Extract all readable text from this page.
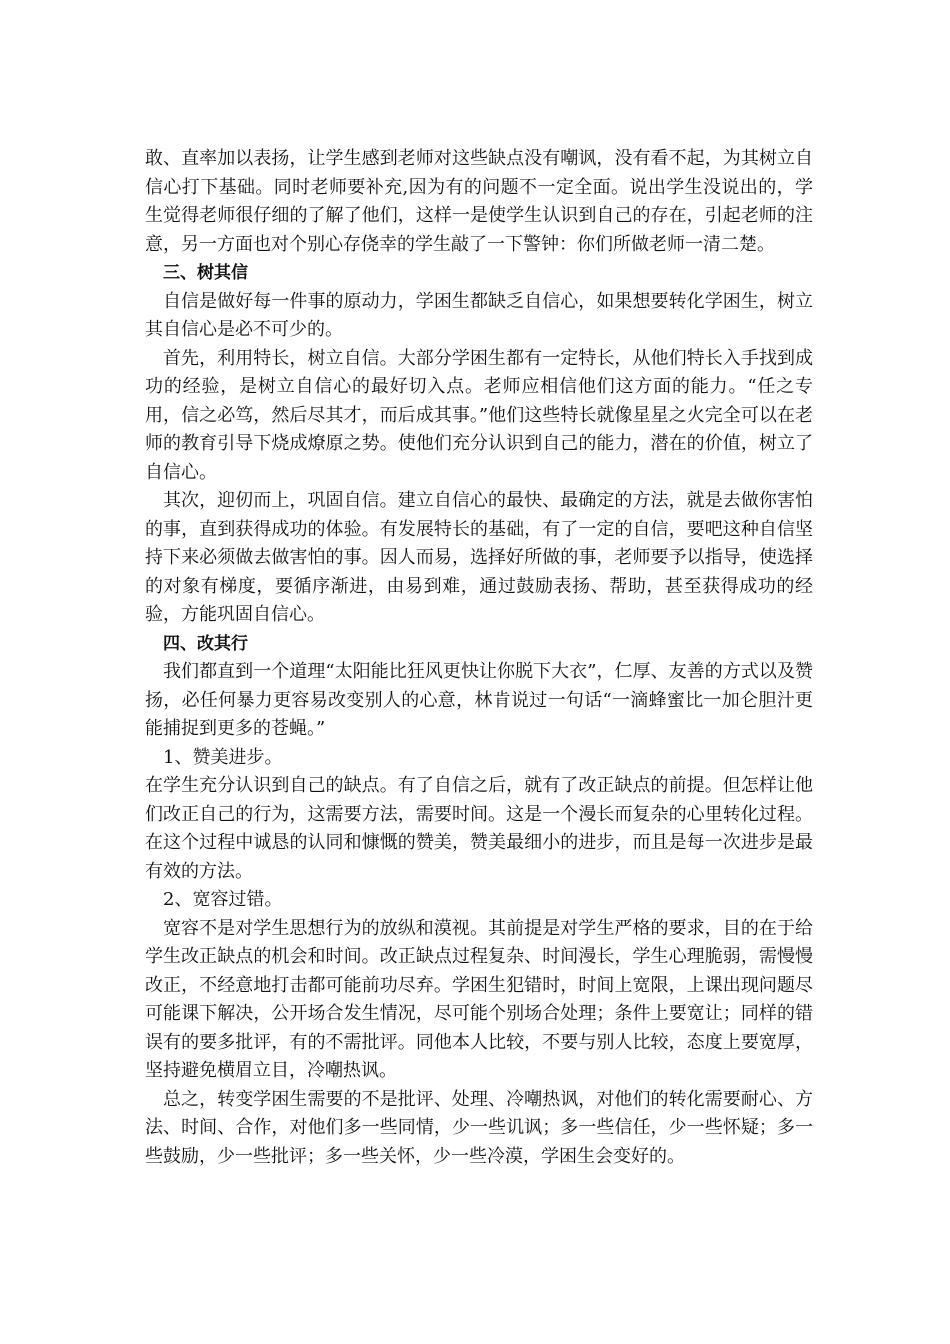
敢、直率加以表扬，让学生感到老师对这些缺点没有嘲讽，没有看不起，为其树立自信心打下基础。同时老师要补充,因为有的问题不一定全面。说出学生没说出的，学生觉得老师很仔细的了解了他们，这样一是使学生认识到自己的存在，引起老师的注意，另一方面也对个别心存侥幸的学生敲了一下警钟：你们所做老师一清二楚。

三、树其信

自信是做好每一件事的原动力，学困生都缺乏自信心，如果想要转化学困生，树立其自信心是必不可少的。

首先，利用特长，树立自信。大部分学困生都有一定特长，从他们特长入手找到成功的经验，是树立自信心的最好切入点。老师应相信他们这方面的能力。“任之专用，信之必笃，然后尽其才，而后成其事。”他们这些特长就像星星之火完全可以在老师的教育引导下烧成燎原之势。使他们充分认识到自己的能力，潜在的价值，树立了自信心。

其次，迎仞而上，巩固自信。建立自信心的最快、最确定的方法，就是去做你害怕的事，直到获得成功的体验。有发展特长的基础，有了一定的自信，要吧这种自信坚持下来必须做去做害怕的事。因人而易，选择好所做的事，老师要予以指导，使选择的对象有梯度，要循序渐进，由易到难，通过鼓励表扬、帮助，甚至获得成功的经验，方能巩固自信心。

四、改其行

我们都直到一个道理“太阳能比狂风更快让你脱下大衣”，仁厚、友善的方式以及赞扬，必任何暴力更容易改变别人的心意，林肯说过一句话“一滴蜂蜜比一加仑胆汁更能捕捉到更多的苍蝇。”

1、赞美进步。

在学生充分认识到自己的缺点。有了自信之后，就有了改正缺点的前提。但怎样让他们改正自己的行为，这需要方法，需要时间。这是一个漫长而复杂的心里转化过程。在这个过程中诚恳的认同和慷慨的赞美，赞美最细小的进步，而且是每一次进步是最有效的方法。

2、宽容过错。

宽容不是对学生思想行为的放纵和漠视。其前提是对学生严格的要求，目的在于给学生改正缺点的机会和时间。改正缺点过程复杂、时间漫长，学生心理脆弱，需慢慢改正，不经意地打击都可能前功尽弃。学困生犯错时，时间上宽限，上课出现问题尽可能课下解决，公开场合发生情况，尽可能个别场合处理；条件上要宽让；同样的错误有的要多批评，有的不需批评。同他本人比较，不要与别人比较，态度上要宽厚，坚持避免横眉立目，冷嘲热讽。

总之，转变学困生需要的不是批评、处理、冷嘲热讽，对他们的转化需要耐心、方法、时间、合作，对他们多一些同情，少一些讥讽；多一些信任，少一些怀疑；多一些鼓励，少一些批评；多一些关怀，少一些冷漠，学困生会变好的。
